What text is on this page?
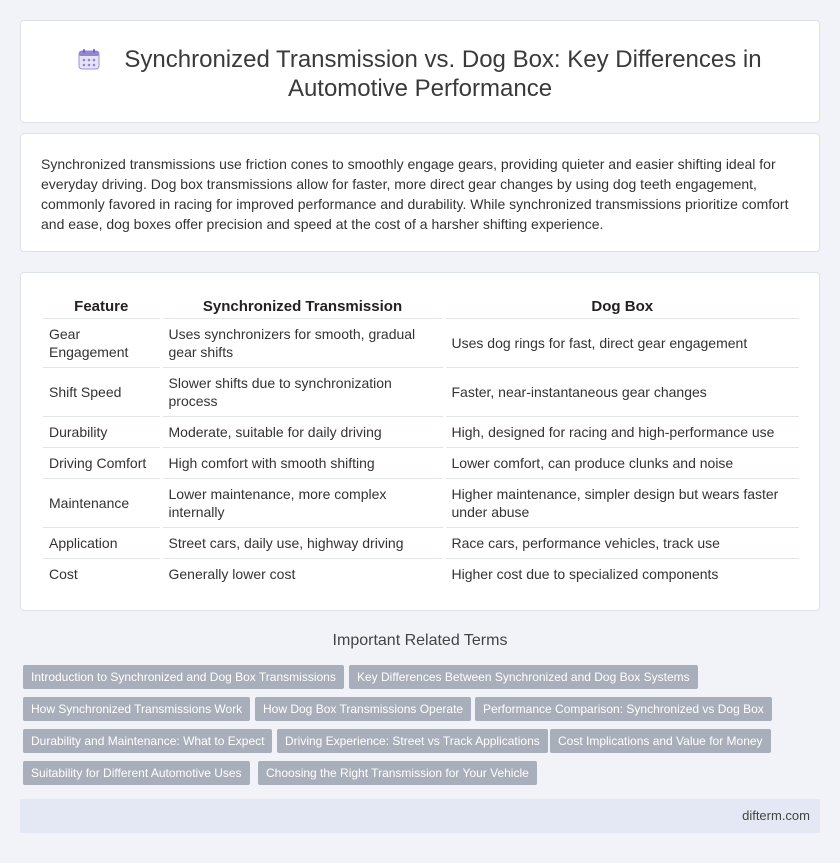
Synchronized Transmission vs. Dog Box: Key Differences in Automotive Performance

Synchronized transmissions use friction cones to smoothly engage gears, providing quieter and easier shifting ideal for everyday driving. Dog box transmissions allow for faster, more direct gear changes by using dog teeth engagement, commonly favored in racing for improved performance and durability. While synchronized transmissions prioritize comfort and ease, dog boxes offer precision and speed at the cost of a harsher shifting experience.

Feature	Synchronized Transmission	Dog Box
Gear Engagement	Uses synchronizers for smooth, gradual gear shifts	Uses dog rings for fast, direct gear engagement
Shift Speed	Slower shifts due to synchronization process	Faster, near-instantaneous gear changes
Durability	Moderate, suitable for daily driving	High, designed for racing and high-performance use
Driving Comfort	High comfort with smooth shifting	Lower comfort, can produce clunks and noise
Maintenance	Lower maintenance, more complex internally	Higher maintenance, simpler design but wears faster under abuse
Application	Street cars, daily use, highway driving	Race cars, performance vehicles, track use
Cost	Generally lower cost	Higher cost due to specialized components
Important Related Terms
Introduction to Synchronized and Dog Box Transmissions	Key Differences Between Synchronized and Dog Box Systems
How Synchronized Transmissions Work	How Dog Box Transmissions Operate	Performance Comparison: Synchronized vs Dog Box
Durability and Maintenance: What to Expect	Driving Experience: Street vs Track Applications	Cost Implications and Value for Money
Suitability for Different Automotive Uses	Choosing the Right Transmission for Your Vehicle
difterm.com
